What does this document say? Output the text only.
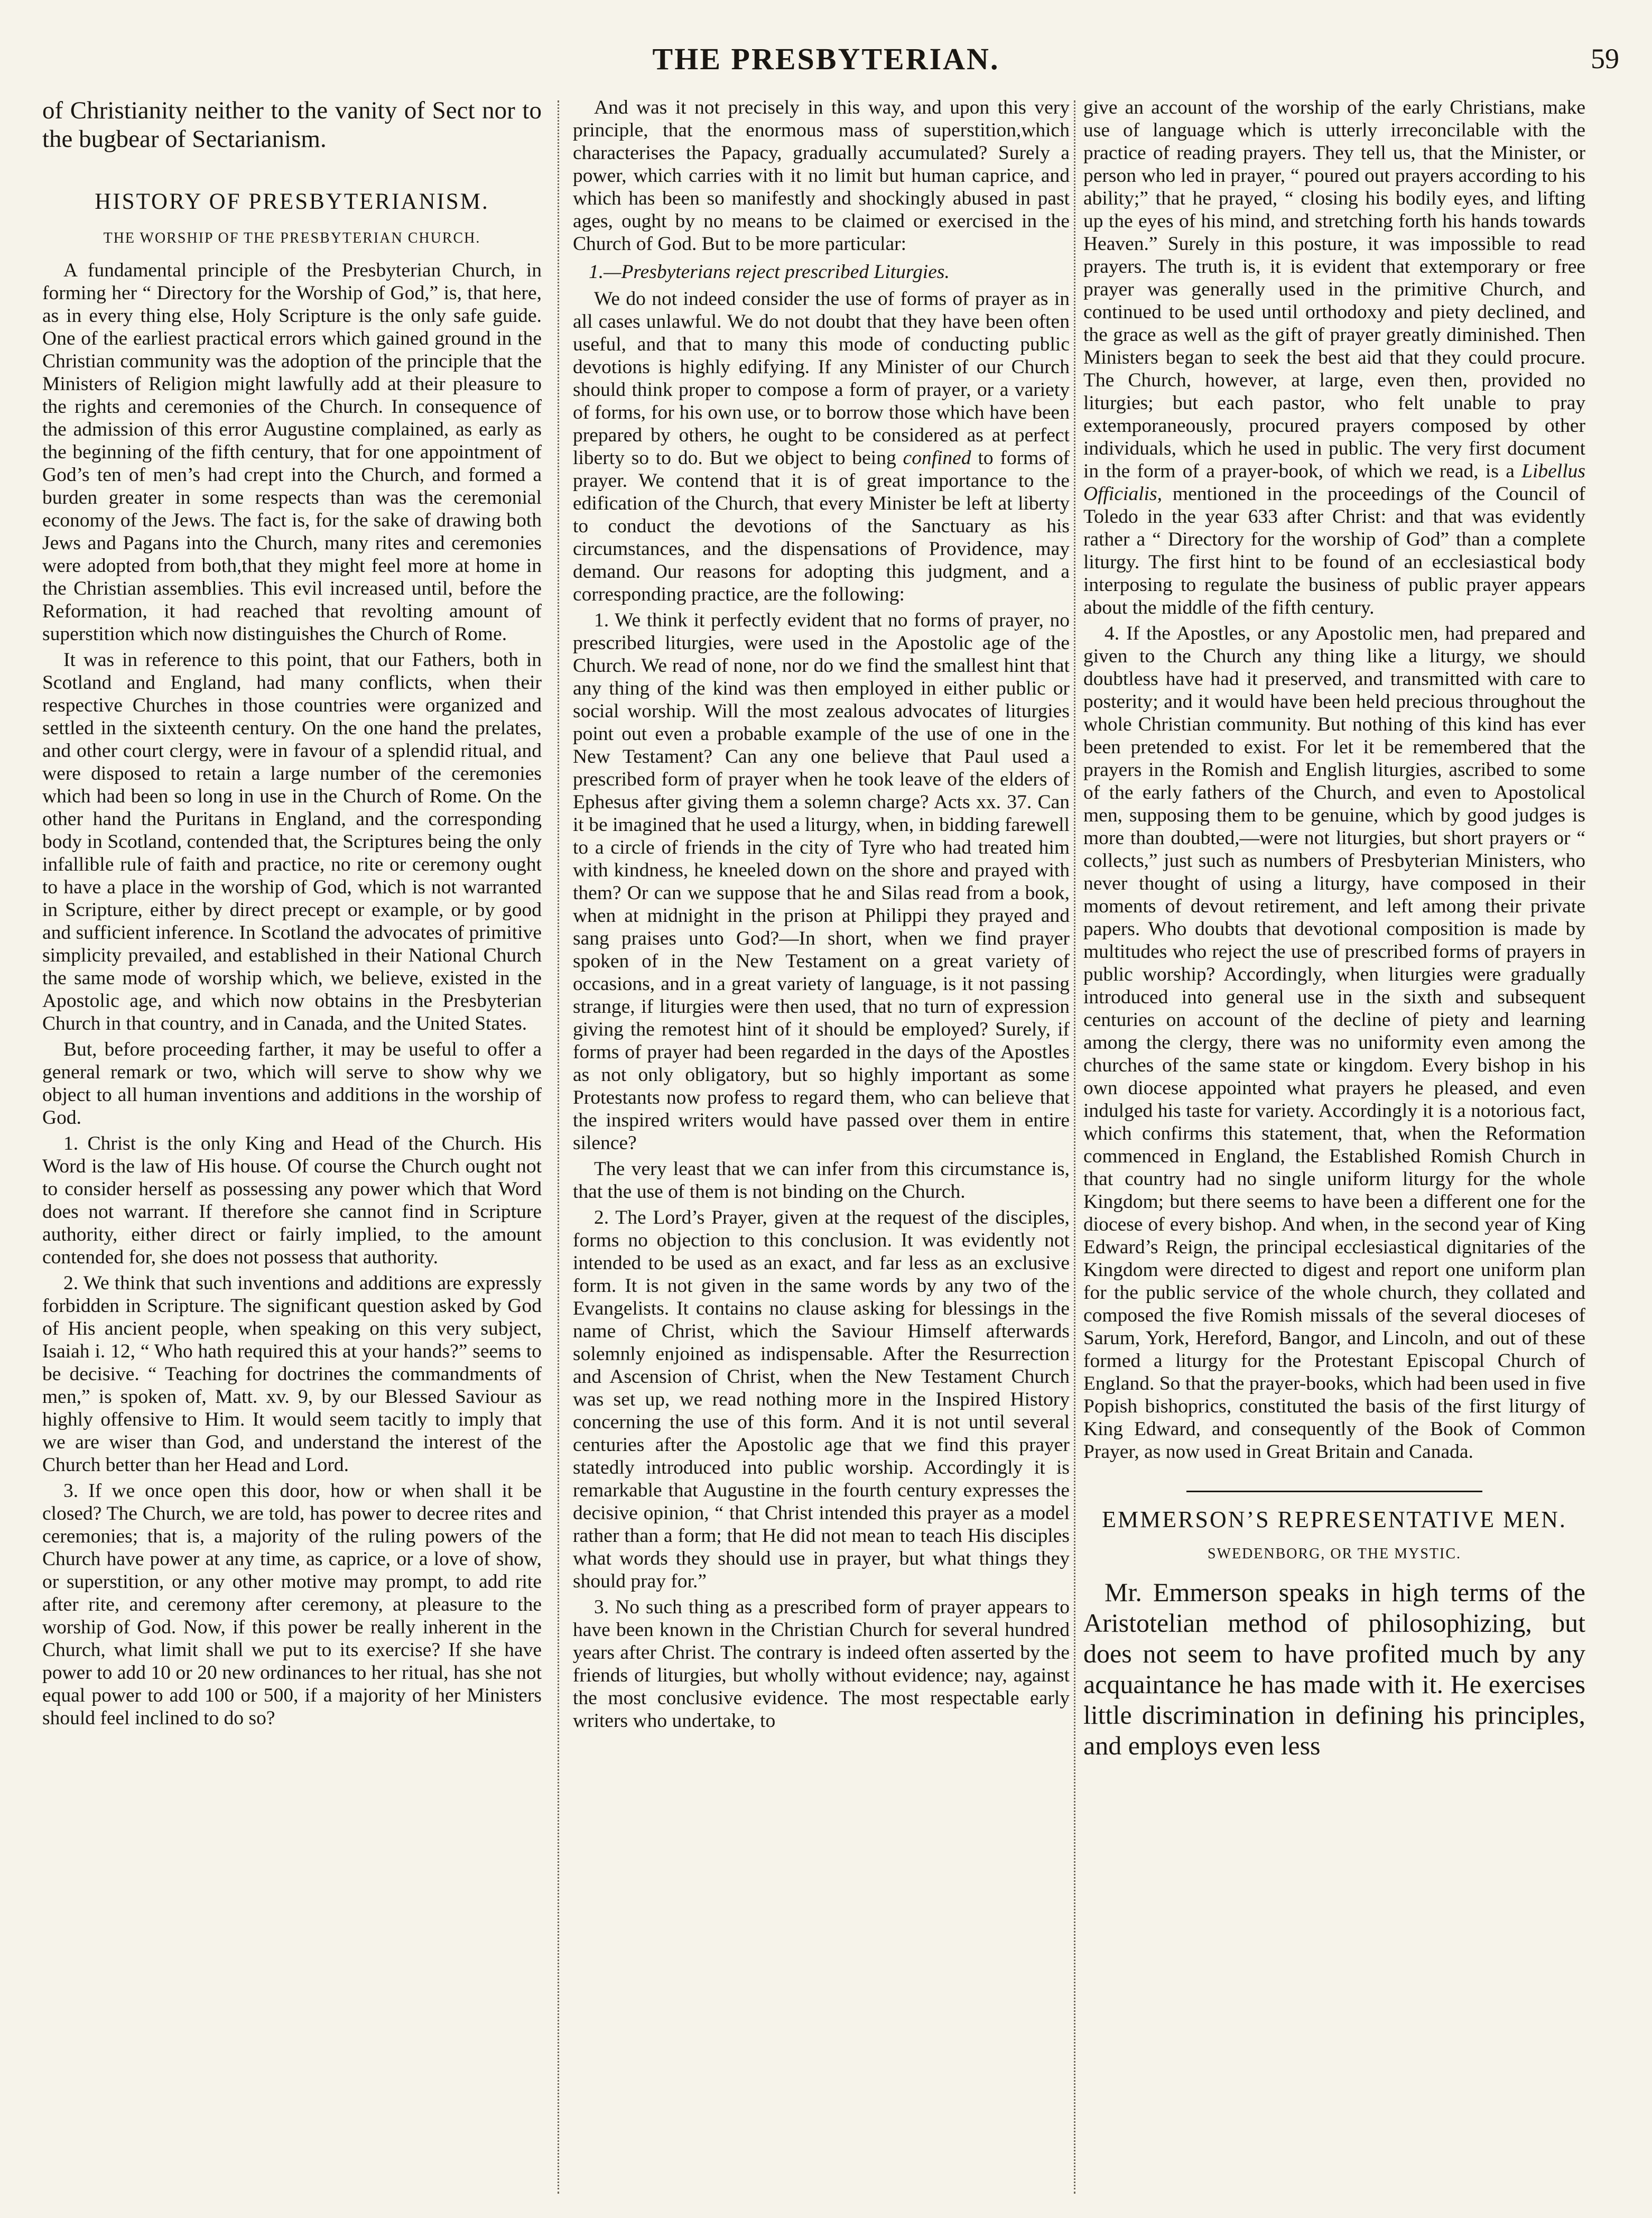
THE PRESBYTERIAN.	59

of Christianity neither to the vanity of Sect nor to the bugbear of Sectarianism.

HISTORY OF PRESBYTERIANISM.
THE WORSHIP OF THE PRESBYTERIAN CHURCH.

A fundamental principle of the Presbyterian Church, in forming her “ Directory for the Worship of God,” is, that here, as in every thing else, Holy Scripture is the only safe guide. One of the earliest practical errors which gained ground in the Christian community was the adoption of the principle that the Ministers of Religion might lawfully add at their pleasure to the rights and ceremonies of the Church. In consequence of the admission of this error Augustine complained, as early as the beginning of the fifth century, that for one appointment of God’s ten of men’s had crept into the Church, and formed a burden greater in some respects than was the ceremonial economy of the Jews. The fact is, for the sake of drawing both Jews and Pagans into the Church, many rites and ceremonies were adopted from both,that they might feel more at home in the Christian assemblies. This evil increased until, before the Reformation, it had reached that revolting amount of superstition which now distinguishes the Church of Rome.

It was in reference to this point, that our Fathers, both in Scotland and England, had many conflicts, when their respective Churches in those countries were organized and settled in the sixteenth century. On the one hand the prelates, and other court clergy, were in favour of a splendid ritual, and were disposed to retain a large number of the ceremonies which had been so long in use in the Church of Rome. On the other hand the Puritans in England, and the corresponding body in Scotland, contended that, the Scriptures being the only infallible rule of faith and practice, no rite or ceremony ought to have a place in the worship of God, which is not warranted in Scripture, either by direct precept or example, or by good and sufficient inference. In Scotland the advocates of primitive simplicity prevailed, and established in their National Church the same mode of worship which, we believe, existed in the Apostolic age, and which now obtains in the Presbyterian Church in that country, and in Canada, and the United States.

But, before proceeding farther, it may be useful to offer a general remark or two, which will serve to show why we object to all human inventions and additions in the worship of God.

1. Christ is the only King and Head of the Church. His Word is the law of His house. Of course the Church ought not to consider herself as possessing any power which that Word does not warrant. If therefore she cannot find in Scripture authority, either direct or fairly implied, to the amount contended for, she does not possess that authority.

2. We think that such inventions and additions are expressly forbidden in Scripture. The significant question asked by God of His ancient people, when speaking on this very subject, Isaiah i. 12, “ Who hath required this at your hands?” seems to be decisive. “ Teaching for doctrines the commandments of men,” is spoken of, Matt. xv. 9, by our Blessed Saviour as highly offensive to Him. It would seem tacitly to imply that we are wiser than God, and understand the interest of the Church better than her Head and Lord.

3. If we once open this door, how or when shall it be closed? The Church, we are told, has power to decree rites and ceremonies; that is, a majority of the ruling powers of the Church have power at any time, as caprice, or a love of show, or superstition, or any other motive may prompt, to add rite after rite, and ceremony after ceremony, at pleasure to the worship of God. Now, if this power be really inherent in the Church, what limit shall we put to its exercise? If she have power to add 10 or 20 new ordinances to her ritual, has she not equal power to add 100 or 500, if a majority of her Ministers should feel inclined to do so?

And was it not precisely in this way, and upon this very principle, that the enormous mass of superstition,which characterises the Papacy, gradually accumulated? Surely a power, which carries with it no limit but human caprice, and which has been so manifestly and shockingly abused in past ages, ought by no means to be claimed or exercised in the Church of God. But to be more particular:

1.—Presbyterians reject prescribed Liturgies.

We do not indeed consider the use of forms of prayer as in all cases unlawful. We do not doubt that they have been often useful, and that to many this mode of conducting public devotions is highly edifying. If any Minister of our Church should think proper to compose a form of prayer, or a variety of forms, for his own use, or to borrow those which have been prepared by others, he ought to be considered as at perfect liberty so to do. But we object to being confined to forms of prayer. We contend that it is of great importance to the edification of the Church, that every Minister be left at liberty to conduct the devotions of the Sanctuary as his circumstances, and the dispensations of Providence, may demand. Our reasons for adopting this judgment, and a corresponding practice, are the following:

1. We think it perfectly evident that no forms of prayer, no prescribed liturgies, were used in the Apostolic age of the Church. We read of none, nor do we find the smallest hint that any thing of the kind was then employed in either public or social worship. Will the most zealous advocates of liturgies point out even a probable example of the use of one in the New Testament? Can any one believe that Paul used a prescribed form of prayer when he took leave of the elders of Ephesus after giving them a solemn charge? Acts xx. 37. Can it be imagined that he used a liturgy, when, in bidding farewell to a circle of friends in the city of Tyre who had treated him with kindness, he kneeled down on the shore and prayed with them? Or can we suppose that he and Silas read from a book, when at midnight in the prison at Philippi they prayed and sang praises unto God?—In short, when we find prayer spoken of in the New Testament on a great variety of occasions, and in a great variety of language, is it not passing strange, if liturgies were then used, that no turn of expression giving the remotest hint of it should be employed? Surely, if forms of prayer had been regarded in the days of the Apostles as not only obligatory, but so highly important as some Protestants now profess to regard them, who can believe that the inspired writers would have passed over them in entire silence?

The very least that we can infer from this circumstance is, that the use of them is not binding on the Church.

2. The Lord’s Prayer, given at the request of the disciples, forms no objection to this conclusion. It was evidently not intended to be used as an exact, and far less as an exclusive form. It is not given in the same words by any two of the Evangelists. It contains no clause asking for blessings in the name of Christ, which the Saviour Himself afterwards solemnly enjoined as indispensable. After the Resurrection and Ascension of Christ, when the New Testament Church was set up, we read nothing more in the Inspired History concerning the use of this form. And it is not until several centuries after the Apostolic age that we find this prayer statedly introduced into public worship. Accordingly it is remarkable that Augustine in the fourth century expresses the decisive opinion, “ that Christ intended this prayer as a model rather than a form; that He did not mean to teach His disciples what words they should use in prayer, but what things they should pray for.”

3. No such thing as a prescribed form of prayer appears to have been known in the Christian Church for several hundred years after Christ. The contrary is indeed often asserted by the friends of liturgies, but wholly without evidence; nay, against the most conclusive evidence. The most respectable early writers who undertake, to

give an account of the worship of the early Christians, make use of language which is utterly irreconcilable with the practice of reading prayers. They tell us, that the Minister, or person who led in prayer, “ poured out prayers according to his ability;” that he prayed, “ closing his bodily eyes, and lifting up the eyes of his mind, and stretching forth his hands towards Heaven.” Surely in this posture, it was impossible to read prayers. The truth is, it is evident that extemporary or free prayer was generally used in the primitive Church, and continued to be used until orthodoxy and piety declined, and the grace as well as the gift of prayer greatly diminished. Then Ministers began to seek the best aid that they could procure. The Church, however, at large, even then, provided no liturgies; but each pastor, who felt unable to pray extemporaneously, procured prayers composed by other individuals, which he used in public. The very first document in the form of a prayer-book, of which we read, is a Libellus Officialis, mentioned in the proceedings of the Council of Toledo in the year 633 after Christ: and that was evidently rather a “ Directory for the worship of God” than a complete liturgy. The first hint to be found of an ecclesiastical body interposing to regulate the business of public prayer appears about the middle of the fifth century.

4. If the Apostles, or any Apostolic men, had prepared and given to the Church any thing like a liturgy, we should doubtless have had it preserved, and transmitted with care to posterity; and it would have been held precious throughout the whole Christian community. But nothing of this kind has ever been pretended to exist. For let it be remembered that the prayers in the Romish and English liturgies, ascribed to some of the early fathers of the Church, and even to Apostolical men, supposing them to be genuine, which by good judges is more than doubted,—were not liturgies, but short prayers or “ collects,” just such as numbers of Presbyterian Ministers, who never thought of using a liturgy, have composed in their moments of devout retirement, and left among their private papers. Who doubts that devotional composition is made by multitudes who reject the use of prescribed forms of prayers in public worship? Accordingly, when liturgies were gradually introduced into general use in the sixth and subsequent centuries on account of the decline of piety and learning among the clergy, there was no uniformity even among the churches of the same state or kingdom. Every bishop in his own diocese appointed what prayers he pleased, and even indulged his taste for variety. Accordingly it is a notorious fact, which confirms this statement, that, when the Reformation commenced in England, the Established Romish Church in that country had no single uniform liturgy for the whole Kingdom; but there seems to have been a different one for the diocese of every bishop. And when, in the second year of King Edward’s Reign, the principal ecclesiastical dignitaries of the Kingdom were directed to digest and report one uniform plan for the public service of the whole church, they collated and composed the five Romish missals of the several dioceses of Sarum, York, Hereford, Bangor, and Lincoln, and out of these formed a liturgy for the Protestant Episcopal Church of England. So that the prayer-books, which had been used in five Popish bishoprics, constituted the basis of the first liturgy of King Edward, and consequently of the Book of Common Prayer, as now used in Great Britain and Canada.

EMMERSON’S REPRESENTATIVE MEN.
SWEDENBORG, OR THE MYSTIC.

Mr. Emmerson speaks in high terms of the Aristotelian method of philosophizing, but does not seem to have profited much by any acquaintance he has made with it. He exercises little discrimination in defining his principles, and employs even less
